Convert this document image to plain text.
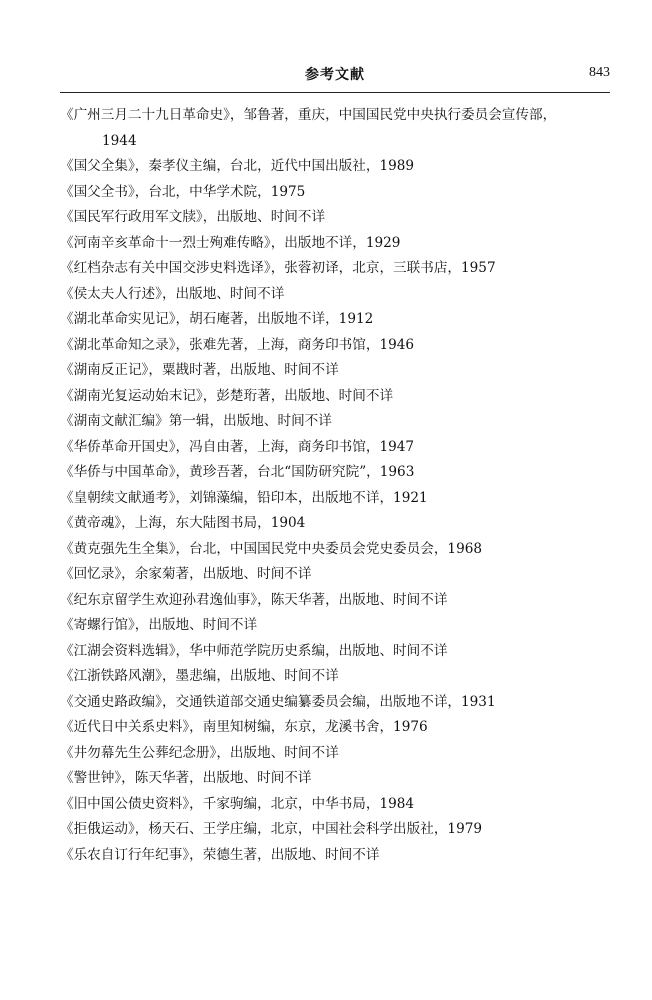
参考文献	843
《广州三月二十九日革命史》，邹鲁著，重庆，中国国民党中央执行委员会宣传部，
1944
《国父全集》，秦孝仪主编，台北，近代中国出版社，1989
《国父全书》，台北，中华学术院，1975
《国民军行政用军文牍》，出版地、时间不详
《河南辛亥革命十一烈士殉难传略》，出版地不详，1929
《红档杂志有关中国交涉史料选译》，张蓉初译，北京，三联书店，1957
《侯太夫人行述》，出版地、时间不详
《湖北革命实见记》，胡石庵著，出版地不详，1912
《湖北革命知之录》，张难先著，上海，商务印书馆，1946
《湖南反正记》，粟戡时著，出版地、时间不详
《湖南光复运动始末记》，彭楚珩著，出版地、时间不详
《湖南文献汇编》第一辑，出版地、时间不详
《华侨革命开国史》，冯自由著，上海，商务印书馆，1947
《华侨与中国革命》，黄珍吾著，台北“国防研究院”，1963
《皇朝续文献通考》，刘锦藻编，铅印本，出版地不详，1921
《黄帝魂》，上海，东大陆图书局，1904
《黄克强先生全集》，台北，中国国民党中央委员会党史委员会，1968
《回忆录》，余家菊著，出版地、时间不详
《纪东京留学生欢迎孙君逸仙事》，陈天华著，出版地、时间不详
《寄螺行馆》，出版地、时间不详
《江湖会资料选辑》，华中师范学院历史系编，出版地、时间不详
《江浙铁路风潮》，墨悲编，出版地、时间不详
《交通史路政编》，交通铁道部交通史编纂委员会编，出版地不详，1931
《近代日中关系史料》，南里知树编，东京，龙溪书舍，1976
《井勿幕先生公葬纪念册》，出版地、时间不详
《警世钟》，陈天华著，出版地、时间不详
《旧中国公债史资料》，千家驹编，北京，中华书局，1984
《拒俄运动》，杨天石、王学庄编，北京，中国社会科学出版社，1979
《乐农自订行年纪事》，荣德生著，出版地、时间不详
